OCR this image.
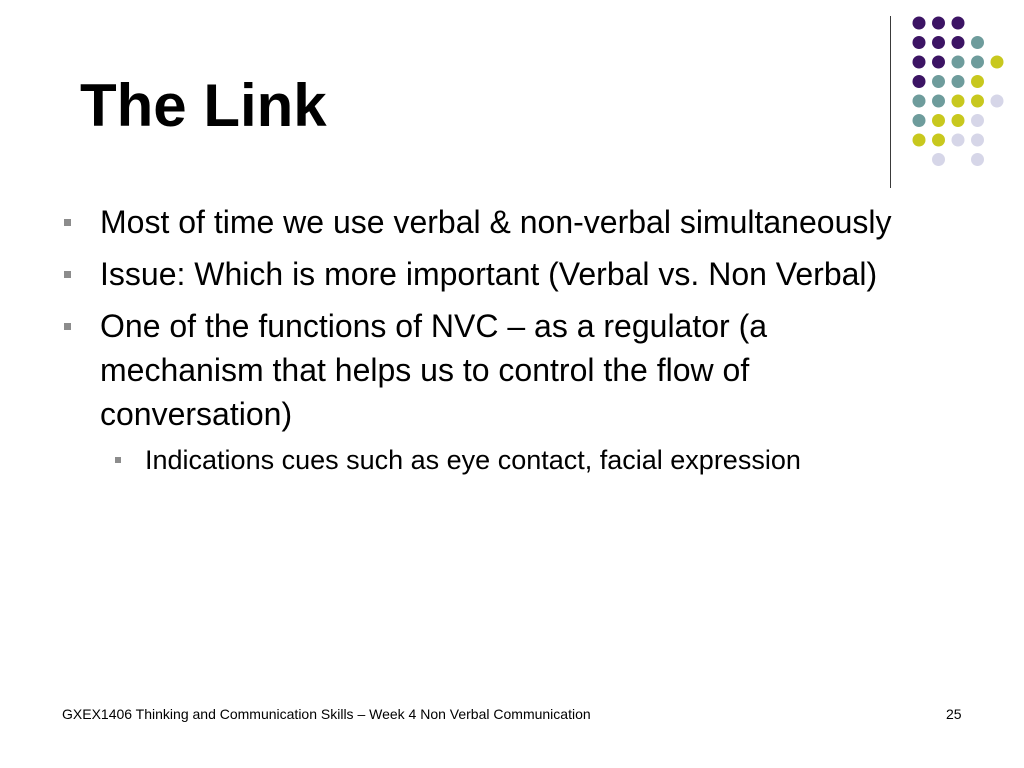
The Link
Most of time we use verbal & non-verbal simultaneously
Issue: Which is more important (Verbal vs. Non Verbal)
One of the functions of NVC – as a regulator (a mechanism that helps us to control the flow of conversation)
Indications cues such as eye contact, facial expression
GXEX1406 Thinking and Communication Skills – Week 4 Non Verbal Communication	25
